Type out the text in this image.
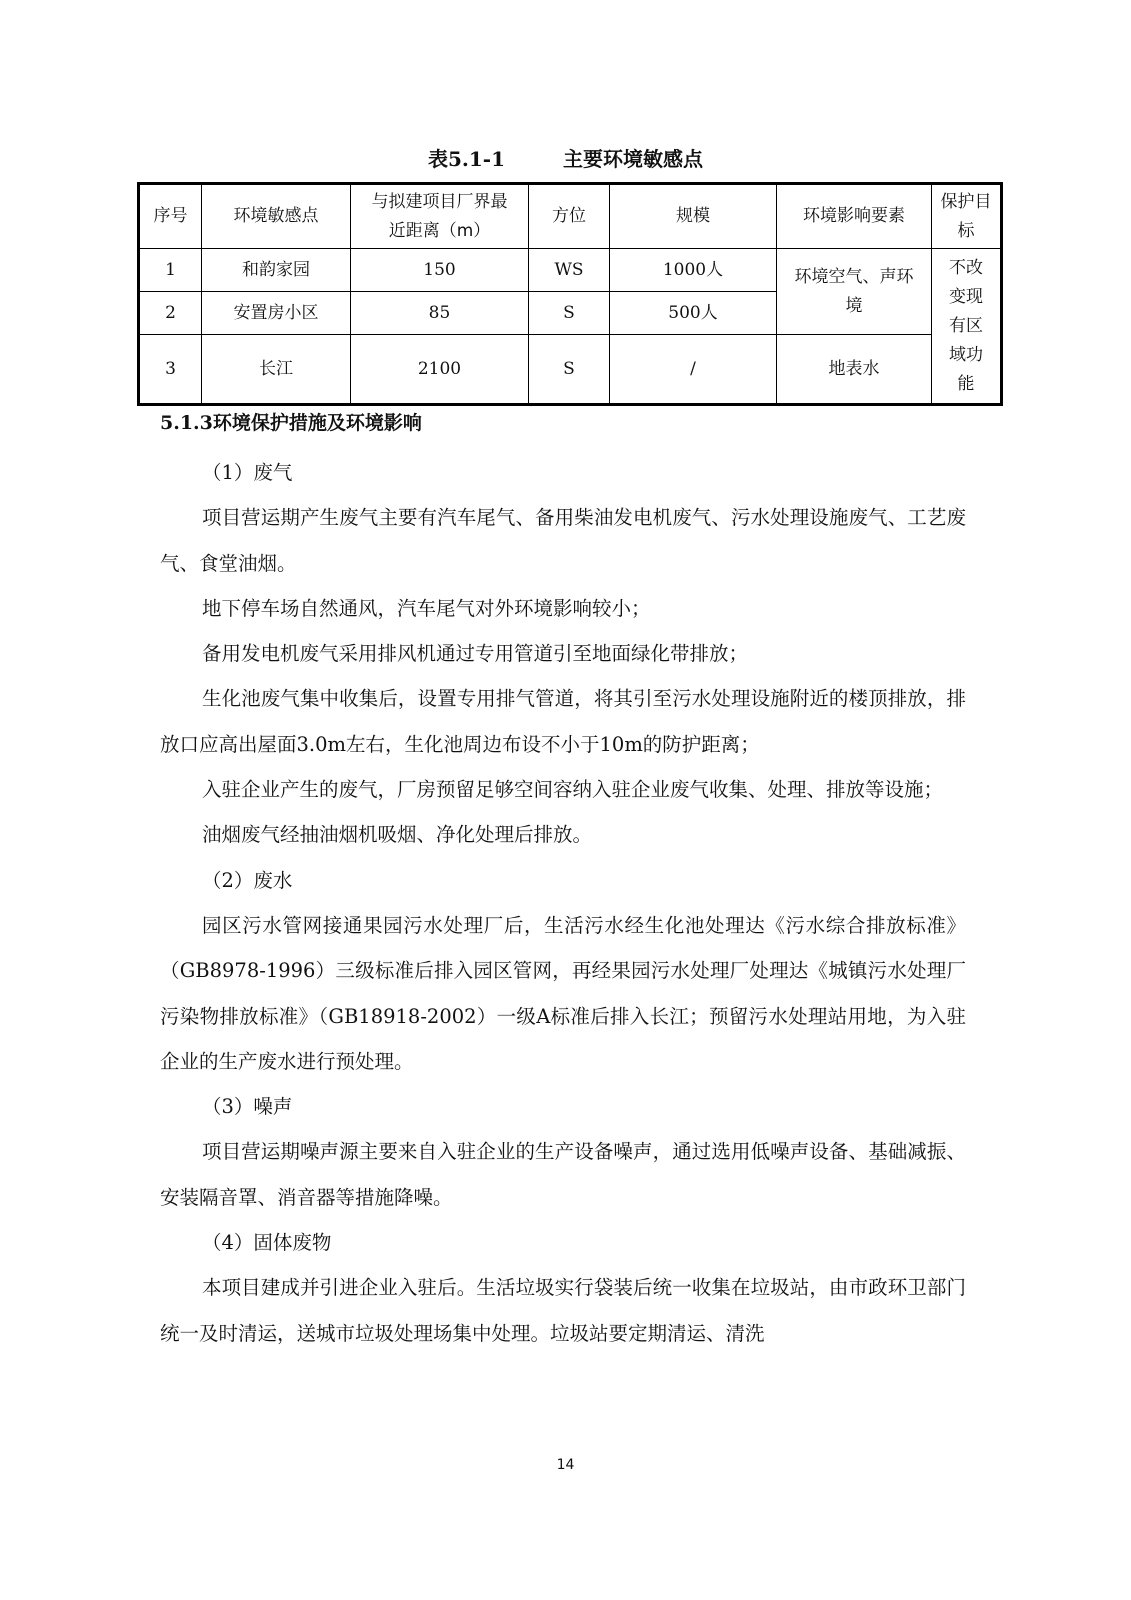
表5.1-1	主要环境敏感点
序号	环境敏感点	与拟建项目厂界最近距离（m）	方位	规模	环境影响要素	保护目标
1	和韵家园	150	WS	1000人	环境空气、声环境	不改变现有区域功能
2	安置房小区	85	S	500人		
3	长江	2100	S	/	地表水	
5.1.3环境保护措施及环境影响

（1）废气

项目营运期产生废气主要有汽车尾气、备用柴油发电机废气、污水处理设施废气、工艺废气、食堂油烟。

地下停车场自然通风，汽车尾气对外环境影响较小；

备用发电机废气采用排风机通过专用管道引至地面绿化带排放；

生化池废气集中收集后，设置专用排气管道，将其引至污水处理设施附近的楼顶排放，排放口应高出屋面3.0m左右，生化池周边布设不小于10m的防护距离；

入驻企业产生的废气，厂房预留足够空间容纳入驻企业废气收集、处理、排放等设施；

油烟废气经抽油烟机吸烟、净化处理后排放。

（2）废水

园区污水管网接通果园污水处理厂后，生活污水经生化池处理达《污水综合排放标准》（GB8978-1996）三级标准后排入园区管网，再经果园污水处理厂处理达《城镇污水处理厂污染物排放标准》（GB18918-2002）一级A标准后排入长江；预留污水处理站用地，为入驻企业的生产废水进行预处理。

（3）噪声

项目营运期噪声源主要来自入驻企业的生产设备噪声，通过选用低噪声设备、基础减振、安装隔音罩、消音器等措施降噪。

（4）固体废物

本项目建成并引进企业入驻后。生活垃圾实行袋装后统一收集在垃圾站，由市政环卫部门统一及时清运，送城市垃圾处理场集中处理。垃圾站要定期清运、清洗

14
